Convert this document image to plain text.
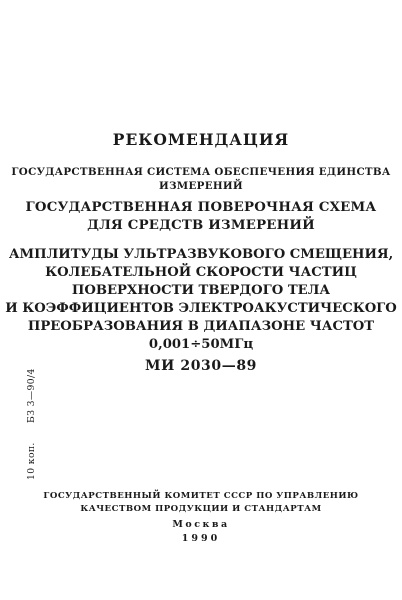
РЕКОМЕНДАЦИЯ
ГОСУДАРСТВЕННАЯ СИСТЕМА ОБЕСПЕЧЕНИЯ ЕДИНСТВА
ИЗМЕРЕНИЙ
ГОСУДАРСТВЕННАЯ ПОВЕРОЧНАЯ СХЕМА
ДЛЯ СРЕДСТВ ИЗМЕРЕНИЙ
АМПЛИТУДЫ УЛЬТРАЗВУКОВОГО СМЕЩЕНИЯ,
КОЛЕБАТЕЛЬНОЙ СКОРОСТИ ЧАСТИЦ
ПОВЕРХНОСТИ ТВЕРДОГО ТЕЛА
И КОЭФФИЦИЕНТОВ ЭЛЕКТРОАКУСТИЧЕСКОГО
ПРЕОБРАЗОВАНИЯ В ДИАПАЗОНЕ ЧАСТОТ
0,001÷50МГц
МИ 2030—89
10 коп. БЗ 3—90/4
ГОСУДАРСТВЕННЫЙ КОМИТЕТ СССР ПО УПРАВЛЕНИЮ
КАЧЕСТВОМ ПРОДУКЦИИ И СТАНДАРТАМ
Москва
1990
